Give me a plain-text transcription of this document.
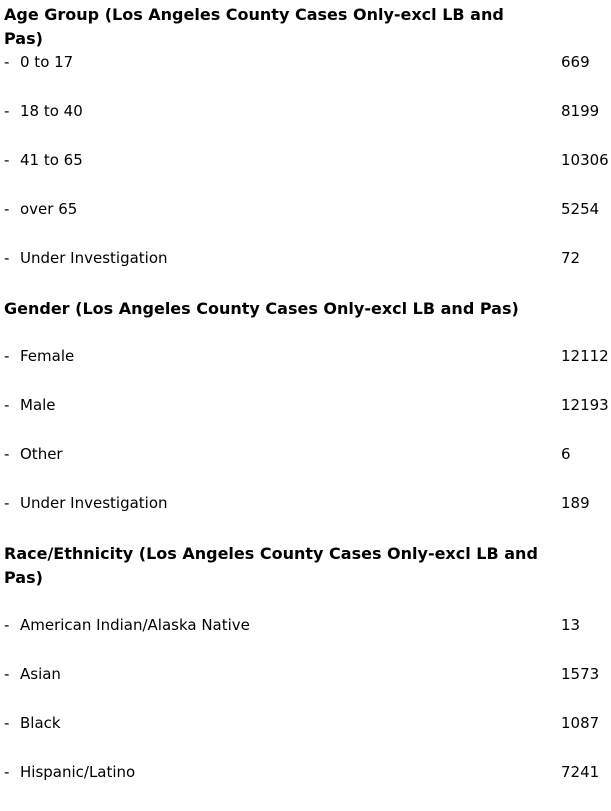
Age Group (Los Angeles County Cases Only-excl LB and Pas)
- 0 to 17	669
- 18 to 40	8199
- 41 to 65	10306
- over 65	5254
- Under Investigation	72
Gender (Los Angeles County Cases Only-excl LB and Pas)
- Female	12112
- Male	12193
- Other	6
- Under Investigation	189
Race/Ethnicity (Los Angeles County Cases Only-excl LB and Pas)
- American Indian/Alaska Native	13
- Asian	1573
- Black	1087
- Hispanic/Latino	7241
